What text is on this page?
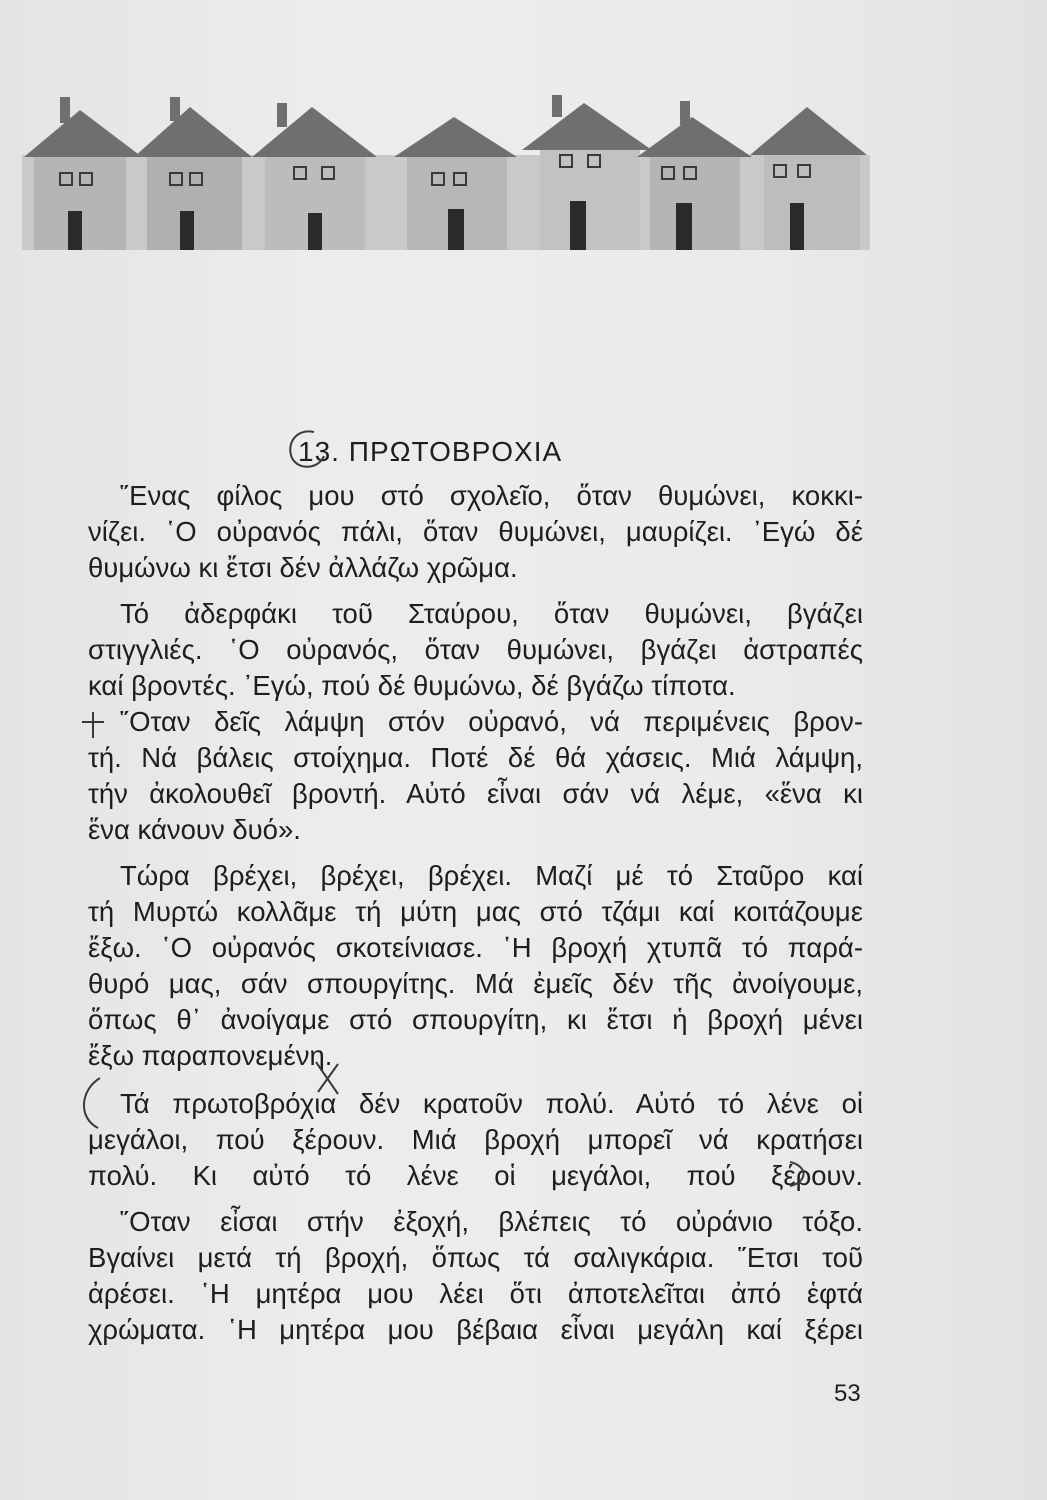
13. ΠΡΩΤΟΒΡΟΧΙΑ
῞Ενας φίλος μου στό σχολεῖο, ὅταν θυμώνει, κοκκι-
νίζει. ῾Ο οὐρανός πάλι, ὅταν θυμώνει, μαυρίζει. ᾿Εγώ δέ
θυμώνω κι ἔτσι δέν ἀλλάζω χρῶμα.
Τό ἀδερφάκι τοῦ Σταύρου, ὅταν θυμώνει, βγάζει
στιγγλιές. ῾Ο οὐρανός, ὅταν θυμώνει, βγάζει ἀστραπές
καί βροντές. ᾿Εγώ, πού δέ θυμώνω, δέ βγάζω τίποτα.
῞Οταν δεῖς λάμψη στόν οὐρανό, νά περιμένεις βρον-
τή. Νά βάλεις στοίχημα. Ποτέ δέ θά χάσεις. Μιά λάμψη,
τήν ἀκολουθεῖ βροντή. Αὐτό εἶναι σάν νά λέμε, «ἕνα κι
ἕνα κάνουν δυό».
Τώρα βρέχει, βρέχει, βρέχει. Μαζί μέ τό Σταῦρο καί
τή Μυρτώ κολλᾶμε τή μύτη μας στό τζάμι καί κοιτάζουμε
ἔξω. ῾Ο οὐρανός σκοτείνιασε. ῾Η βροχή χτυπᾶ τό παρά-
θυρό μας, σάν σπουργίτης. Μά ἐμεῖς δέν τῆς ἀνοίγουμε,
ὅπως θ᾿ ἀνοίγαμε στό σπουργίτη, κι ἔτσι ἡ βροχή μένει
ἔξω παραπονεμένη.
Τά πρωτοβρόχια δέν κρατοῦν πολύ. Αὐτό τό λένε οἱ
μεγάλοι, πού ξέρουν. Μιά βροχή μπορεῖ νά κρατήσει
πολύ. Κι αὐτό τό λένε οἱ μεγάλοι, πού ξέρουν.
῞Οταν εἶσαι στήν ἐξοχή, βλέπεις τό οὐράνιο τόξο.
Βγαίνει μετά τή βροχή, ὅπως τά σαλιγκάρια. ῞Ετσι τοῦ
ἀρέσει. ῾Η μητέρα μου λέει ὅτι ἀποτελεῖται ἀπό ἑφτά
χρώματα. ῾Η μητέρα μου βέβαια εἶναι μεγάλη καί ξέρει
53
